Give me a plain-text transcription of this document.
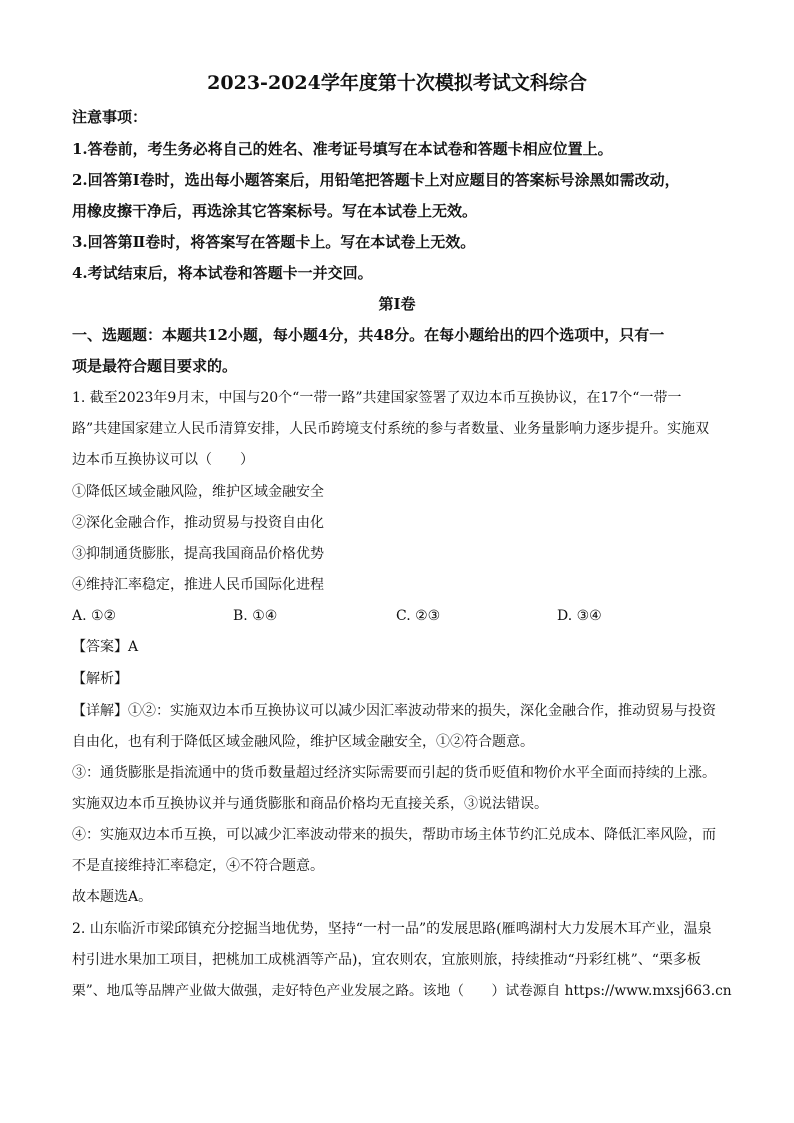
2023-2024学年度第十次模拟考试文科综合
注意事项：
1.答卷前，考生务必将自己的姓名、准考证号填写在本试卷和答题卡相应位置上。
2.回答第Ⅰ卷时，选出每小题答案后，用铅笔把答题卡上对应题目的答案标号涂黑如需改动，
用橡皮擦干净后，再选涂其它答案标号。写在本试卷上无效。
3.回答第Ⅱ卷时，将答案写在答题卡上。写在本试卷上无效。
4.考试结束后，将本试卷和答题卡一并交回。
第Ⅰ卷
一、选题题：本题共12小题，每小题4分，共48分。在每小题给出的四个选项中，只有一
项是最符合题目要求的。
1. 截至2023年9月末，中国与20个“一带一路”共建国家签署了双边本币互换协议，在17个“一带一
路”共建国家建立人民币清算安排，人民币跨境支付系统的参与者数量、业务量影响力逐步提升。实施双
边本币互换协议可以（　　）
①降低区域金融风险，维护区域金融安全
②深化金融合作，推动贸易与投资自由化
③抑制通货膨胀，提高我国商品价格优势
④维持汇率稳定，推进人民币国际化进程
A. ①②	B. ①④	C. ②③	D. ③④
【答案】A
【解析】
【详解】①②：实施双边本币互换协议可以减少因汇率波动带来的损失，深化金融合作，推动贸易与投资
自由化，也有利于降低区域金融风险，维护区域金融安全，①②符合题意。
③：通货膨胀是指流通中的货币数量超过经济实际需要而引起的货币贬值和物价水平全面而持续的上涨。
实施双边本币互换协议并与通货膨胀和商品价格均无直接关系，③说法错误。
④：实施双边本币互换，可以减少汇率波动带来的损失，帮助市场主体节约汇兑成本、降低汇率风险，而
不是直接维持汇率稳定，④不符合题意。
故本题选A。
2. 山东临沂市梁邱镇充分挖掘当地优势，坚持“一村一品”的发展思路(雁鸣湖村大力发展木耳产业，温泉
村引进水果加工项目，把桃加工成桃酒等产品)，宜农则农，宜旅则旅，持续推动“丹彩红桃”、“栗多板
栗”、地瓜等品牌产业做大做强，走好特色产业发展之路。该地（　　）试卷源自 https://www.mxsj663.cn
